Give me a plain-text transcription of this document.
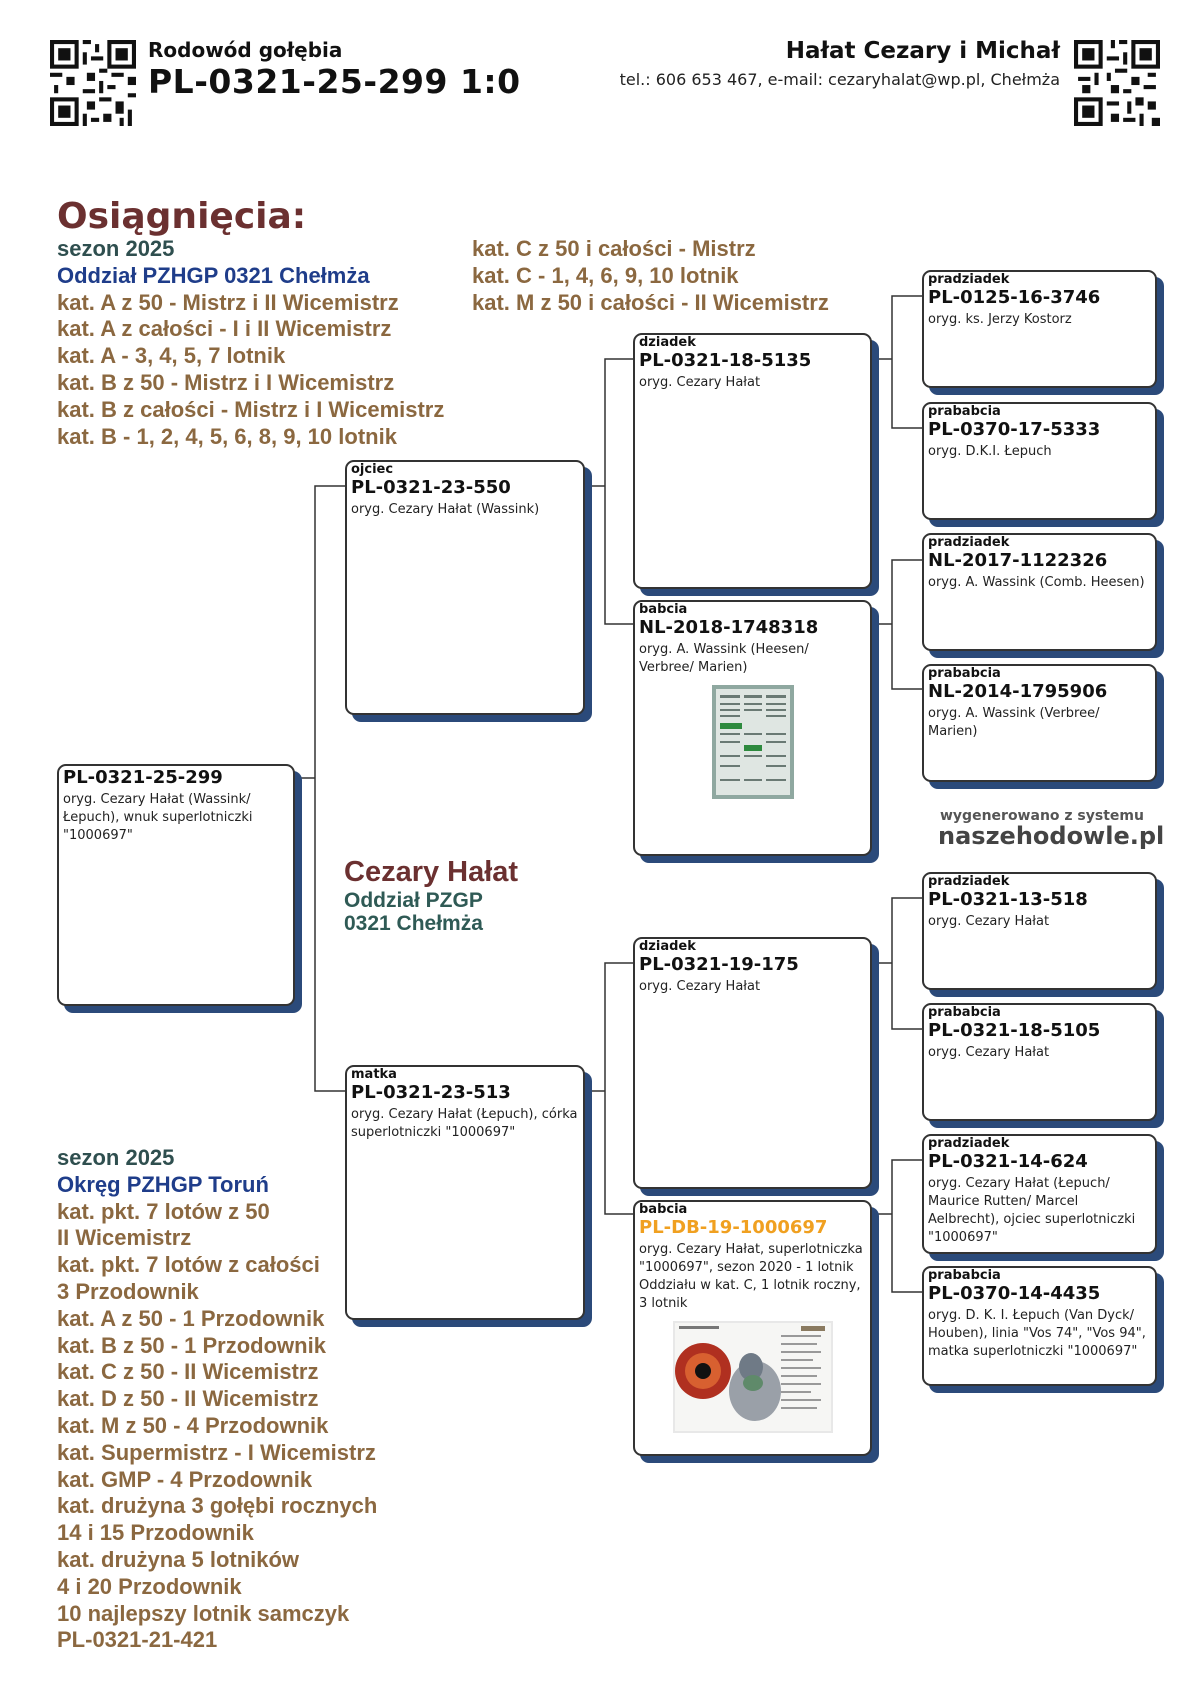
Rodowód gołębia
PL-0321-25-299 1:0
Hałat Cezary i Michał
tel.: 606 653 467, e-mail: cezaryhalat@wp.pl, Chełmża
Osiągnięcia:
sezon 2025
Oddział PZHGP 0321 Chełmża
kat. A z 50 - Mistrz i II Wicemistrz
kat. A z całości - I i II Wicemistrz
kat. A - 3, 4, 5, 7 lotnik
kat. B z 50 - Mistrz i I Wicemistrz
kat. B z całości - Mistrz i I Wicemistrz
kat. B - 1, 2, 4, 5, 6, 8, 9, 10 lotnik
kat. C z 50 i całości - Mistrz
kat. C - 1, 4, 6, 9, 10 lotnik
kat. M z 50 i całości - II Wicemistrz
sezon 2025
Okręg PZHGP Toruń
kat. pkt. 7 lotów z 50
II Wicemistrz
kat. pkt. 7 lotów z całości
3 Przodownik
kat. A z 50 - 1 Przodownik
kat. B z 50 - 1 Przodownik
kat. C z 50 - II Wicemistrz
kat. D z 50 - II Wicemistrz
kat. M z 50 - 4 Przodownik
kat. Supermistrz - I Wicemistrz
kat. GMP - 4 Przodownik
kat. drużyna 3 gołębi rocznych
14 i 15 Przodownik
kat. drużyna 5 lotników
4 i 20 Przodownik
10 najlepszy lotnik samczyk
PL-0321-21-421
PL-0321-25-299
oryg. Cezary Hałat (Wassink/ Łepuch), wnuk superlotniczki "1000697"
ojciec
PL-0321-23-550
oryg. Cezary Hałat (Wassink)
matka
PL-0321-23-513
oryg. Cezary Hałat (Łepuch), córka superlotniczki "1000697"
dziadek
PL-0321-18-5135
oryg. Cezary Hałat
babcia
NL-2018-1748318
oryg. A. Wassink (Heesen/ Verbree/ Marien)
dziadek
PL-0321-19-175
oryg. Cezary Hałat
babcia
PL-DB-19-1000697
oryg. Cezary Hałat, superlotniczka "1000697", sezon 2020 - 1 lotnik Oddziału w kat. C, 1 lotnik roczny, 3 lotnik
pradziadek
PL-0125-16-3746
oryg. ks. Jerzy Kostorz
prababcia
PL-0370-17-5333
oryg. D.K.I. Łepuch
pradziadek
NL-2017-1122326
oryg. A. Wassink (Comb. Heesen)
prababcia
NL-2014-1795906
oryg. A. Wassink (Verbree/ Marien)
pradziadek
PL-0321-13-518
oryg. Cezary Hałat
prababcia
PL-0321-18-5105
oryg. Cezary Hałat
pradziadek
PL-0321-14-624
oryg. Cezary Hałat (Łepuch/ Maurice Rutten/ Marcel Aelbrecht), ojciec superlotniczki "1000697"
prababcia
PL-0370-14-4435
oryg. D. K. I. Łepuch (Van Dyck/ Houben), linia "Vos 74", "Vos 94", matka superlotniczki "1000697"
Cezary Hałat
Oddział PZGP
0321 Chełmża
wygenerowano z systemu
naszehodowle.pl
